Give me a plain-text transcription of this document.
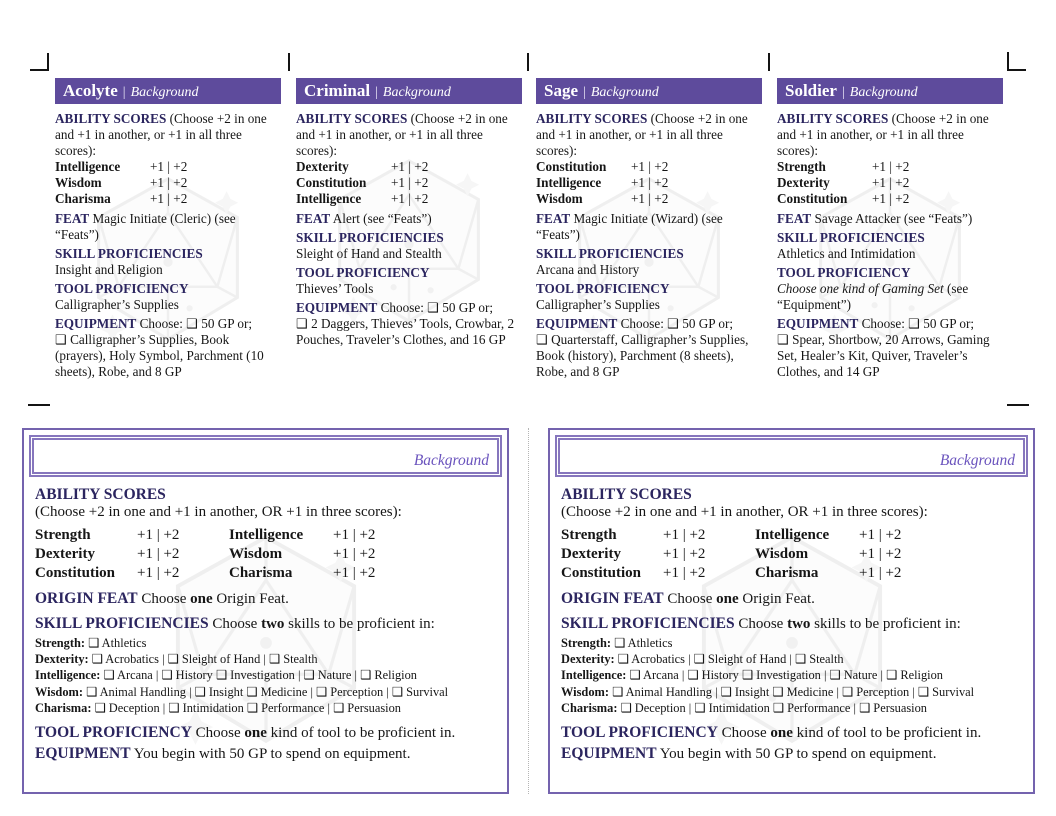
Acolyte | Background

ABILITY SCORES (Choose +2 in one and +1 in another, or +1 in all three scores):

Intelligence	+1 | +2
Wisdom	+1 | +2
Charisma	+1 | +2

FEAT Magic Initiate (Cleric) (see “Feats”)

SKILL PROFICIENCIES

Insight and Religion

TOOL PROFICIENCY

Calligrapher’s Supplies

EQUIPMENT Choose: ❑ 50 GP or;
❑ Calligrapher’s Supplies, Book (prayers), Holy Symbol, Parchment (10 sheets), Robe, and 8 GP

Criminal | Background

ABILITY SCORES (Choose +2 in one and +1 in another, or +1 in all three scores):

Dexterity	+1 | +2
Constitution	+1 | +2
Intelligence	+1 | +2

FEAT Alert (see “Feats”)

SKILL PROFICIENCIES

Sleight of Hand and Stealth

TOOL PROFICIENCY

Thieves’ Tools

EQUIPMENT Choose: ❑ 50 GP or;
❑ 2 Daggers, Thieves’ Tools, Crowbar, 2 Pouches, Traveler’s Clothes, and 16 GP

Sage | Background

ABILITY SCORES (Choose +2 in one and +1 in another, or +1 in all three scores):

Constitution	+1 | +2
Intelligence	+1 | +2
Wisdom	+1 | +2

FEAT Magic Initiate (Wizard) (see “Feats”)

SKILL PROFICIENCIES

Arcana and History

TOOL PROFICIENCY

Calligrapher’s Supplies

EQUIPMENT Choose: ❑ 50 GP or;
❑ Quarterstaff, Calligrapher’s Supplies, Book (history), Parchment (8 sheets), Robe, and 8 GP

Soldier | Background

ABILITY SCORES (Choose +2 in one and +1 in another, or +1 in all three scores):

Strength	+1 | +2
Dexterity	+1 | +2
Constitution	+1 | +2

FEAT Savage Attacker (see “Feats”)

SKILL PROFICIENCIES

Athletics and Intimidation

TOOL PROFICIENCY

Choose one kind of Gaming Set (see “Equipment”)

EQUIPMENT Choose: ❑ 50 GP or;
❑ Spear, Shortbow, 20 Arrows, Gaming Set, Healer’s Kit, Quiver, Traveler’s Clothes, and 14 GP

Background

ABILITY SCORES
(Choose +2 in one and +1 in another, OR +1 in three scores):

Strength	+1 | +2	Intelligence	+1 | +2
Dexterity	+1 | +2	Wisdom	+1 | +2
Constitution	+1 | +2	Charisma	+1 | +2

ORIGIN FEAT Choose one Origin Feat.

SKILL PROFICIENCIES Choose two skills to be proficient in:

Strength: ❑ Athletics
Dexterity: ❑ Acrobatics | ❑ Sleight of Hand | ❑ Stealth
Intelligence: ❑ Arcana | ❑ History ❑ Investigation | ❑ Nature | ❑ Religion
Wisdom: ❑ Animal Handling | ❑ Insight ❑ Medicine | ❑ Perception | ❑ Survival
Charisma: ❑ Deception | ❑ Intimidation ❑ Performance | ❑ Persuasion

TOOL PROFICIENCY Choose one kind of tool to be proficient in.

EQUIPMENT You begin with 50 GP to spend on equipment.

Background

ABILITY SCORES
(Choose +2 in one and +1 in another, OR +1 in three scores):

Strength	+1 | +2	Intelligence	+1 | +2
Dexterity	+1 | +2	Wisdom	+1 | +2
Constitution	+1 | +2	Charisma	+1 | +2

ORIGIN FEAT Choose one Origin Feat.

SKILL PROFICIENCIES Choose two skills to be proficient in:

Strength: ❑ Athletics
Dexterity: ❑ Acrobatics | ❑ Sleight of Hand | ❑ Stealth
Intelligence: ❑ Arcana | ❑ History ❑ Investigation | ❑ Nature | ❑ Religion
Wisdom: ❑ Animal Handling | ❑ Insight ❑ Medicine | ❑ Perception | ❑ Survival
Charisma: ❑ Deception | ❑ Intimidation ❑ Performance | ❑ Persuasion

TOOL PROFICIENCY Choose one kind of tool to be proficient in.

EQUIPMENT You begin with 50 GP to spend on equipment.
